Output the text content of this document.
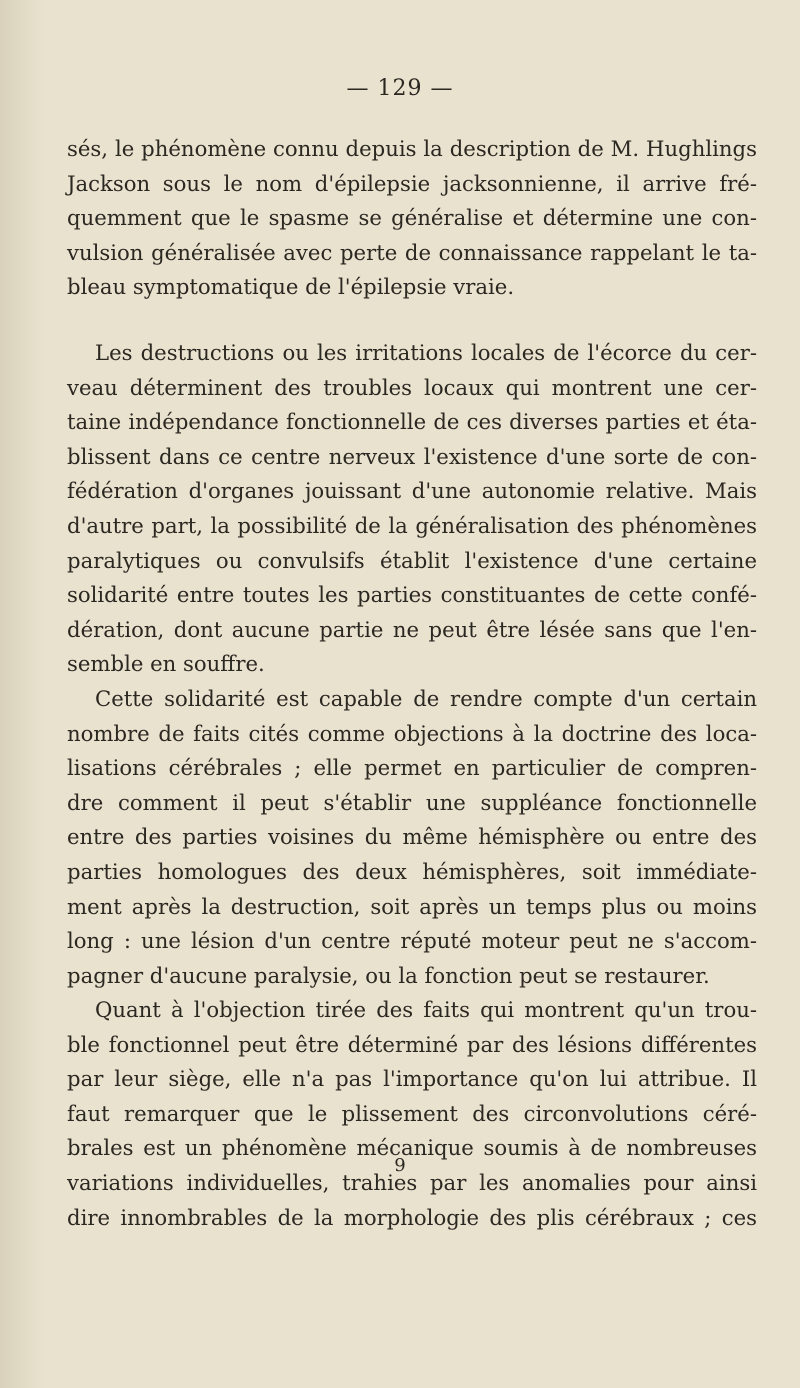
— 129 —
sés, le phénomène connu depuis la description de M. Hughlings
Jackson sous le nom d'épilepsie jacksonnienne, il arrive fré-
quemment que le spasme se généralise et détermine une con-
vulsion généralisée avec perte de connaissance rappelant le ta-
bleau symptomatique de l'épilepsie vraie.
Les destructions ou les irritations locales de l'écorce du cer-
veau déterminent des troubles locaux qui montrent une cer-
taine indépendance fonctionnelle de ces diverses parties et éta-
blissent dans ce centre nerveux l'existence d'une sorte de con-
fédération d'organes jouissant d'une autonomie relative. Mais
d'autre part, la possibilité de la généralisation des phénomènes
paralytiques ou convulsifs établit l'existence d'une certaine
solidarité entre toutes les parties constituantes de cette confé-
dération, dont aucune partie ne peut être lésée sans que l'en-
semble en souffre.
Cette solidarité est capable de rendre compte d'un certain
nombre de faits cités comme objections à la doctrine des loca-
lisations cérébrales ; elle permet en particulier de compren-
dre comment il peut s'établir une suppléance fonctionnelle
entre des parties voisines du même hémisphère ou entre des
parties homologues des deux hémisphères, soit immédiate-
ment après la destruction, soit après un temps plus ou moins
long : une lésion d'un centre réputé moteur peut ne s'accom-
pagner d'aucune paralysie, ou la fonction peut se restaurer.
Quant à l'objection tirée des faits qui montrent qu'un trou-
ble fonctionnel peut être déterminé par des lésions différentes
par leur siège, elle n'a pas l'importance qu'on lui attribue. Il
faut remarquer que le plissement des circonvolutions céré-
brales est un phénomène mécanique soumis à de nombreuses
variations individuelles, trahies par les anomalies pour ainsi
dire innombrables de la morphologie des plis cérébraux ; ces
9
